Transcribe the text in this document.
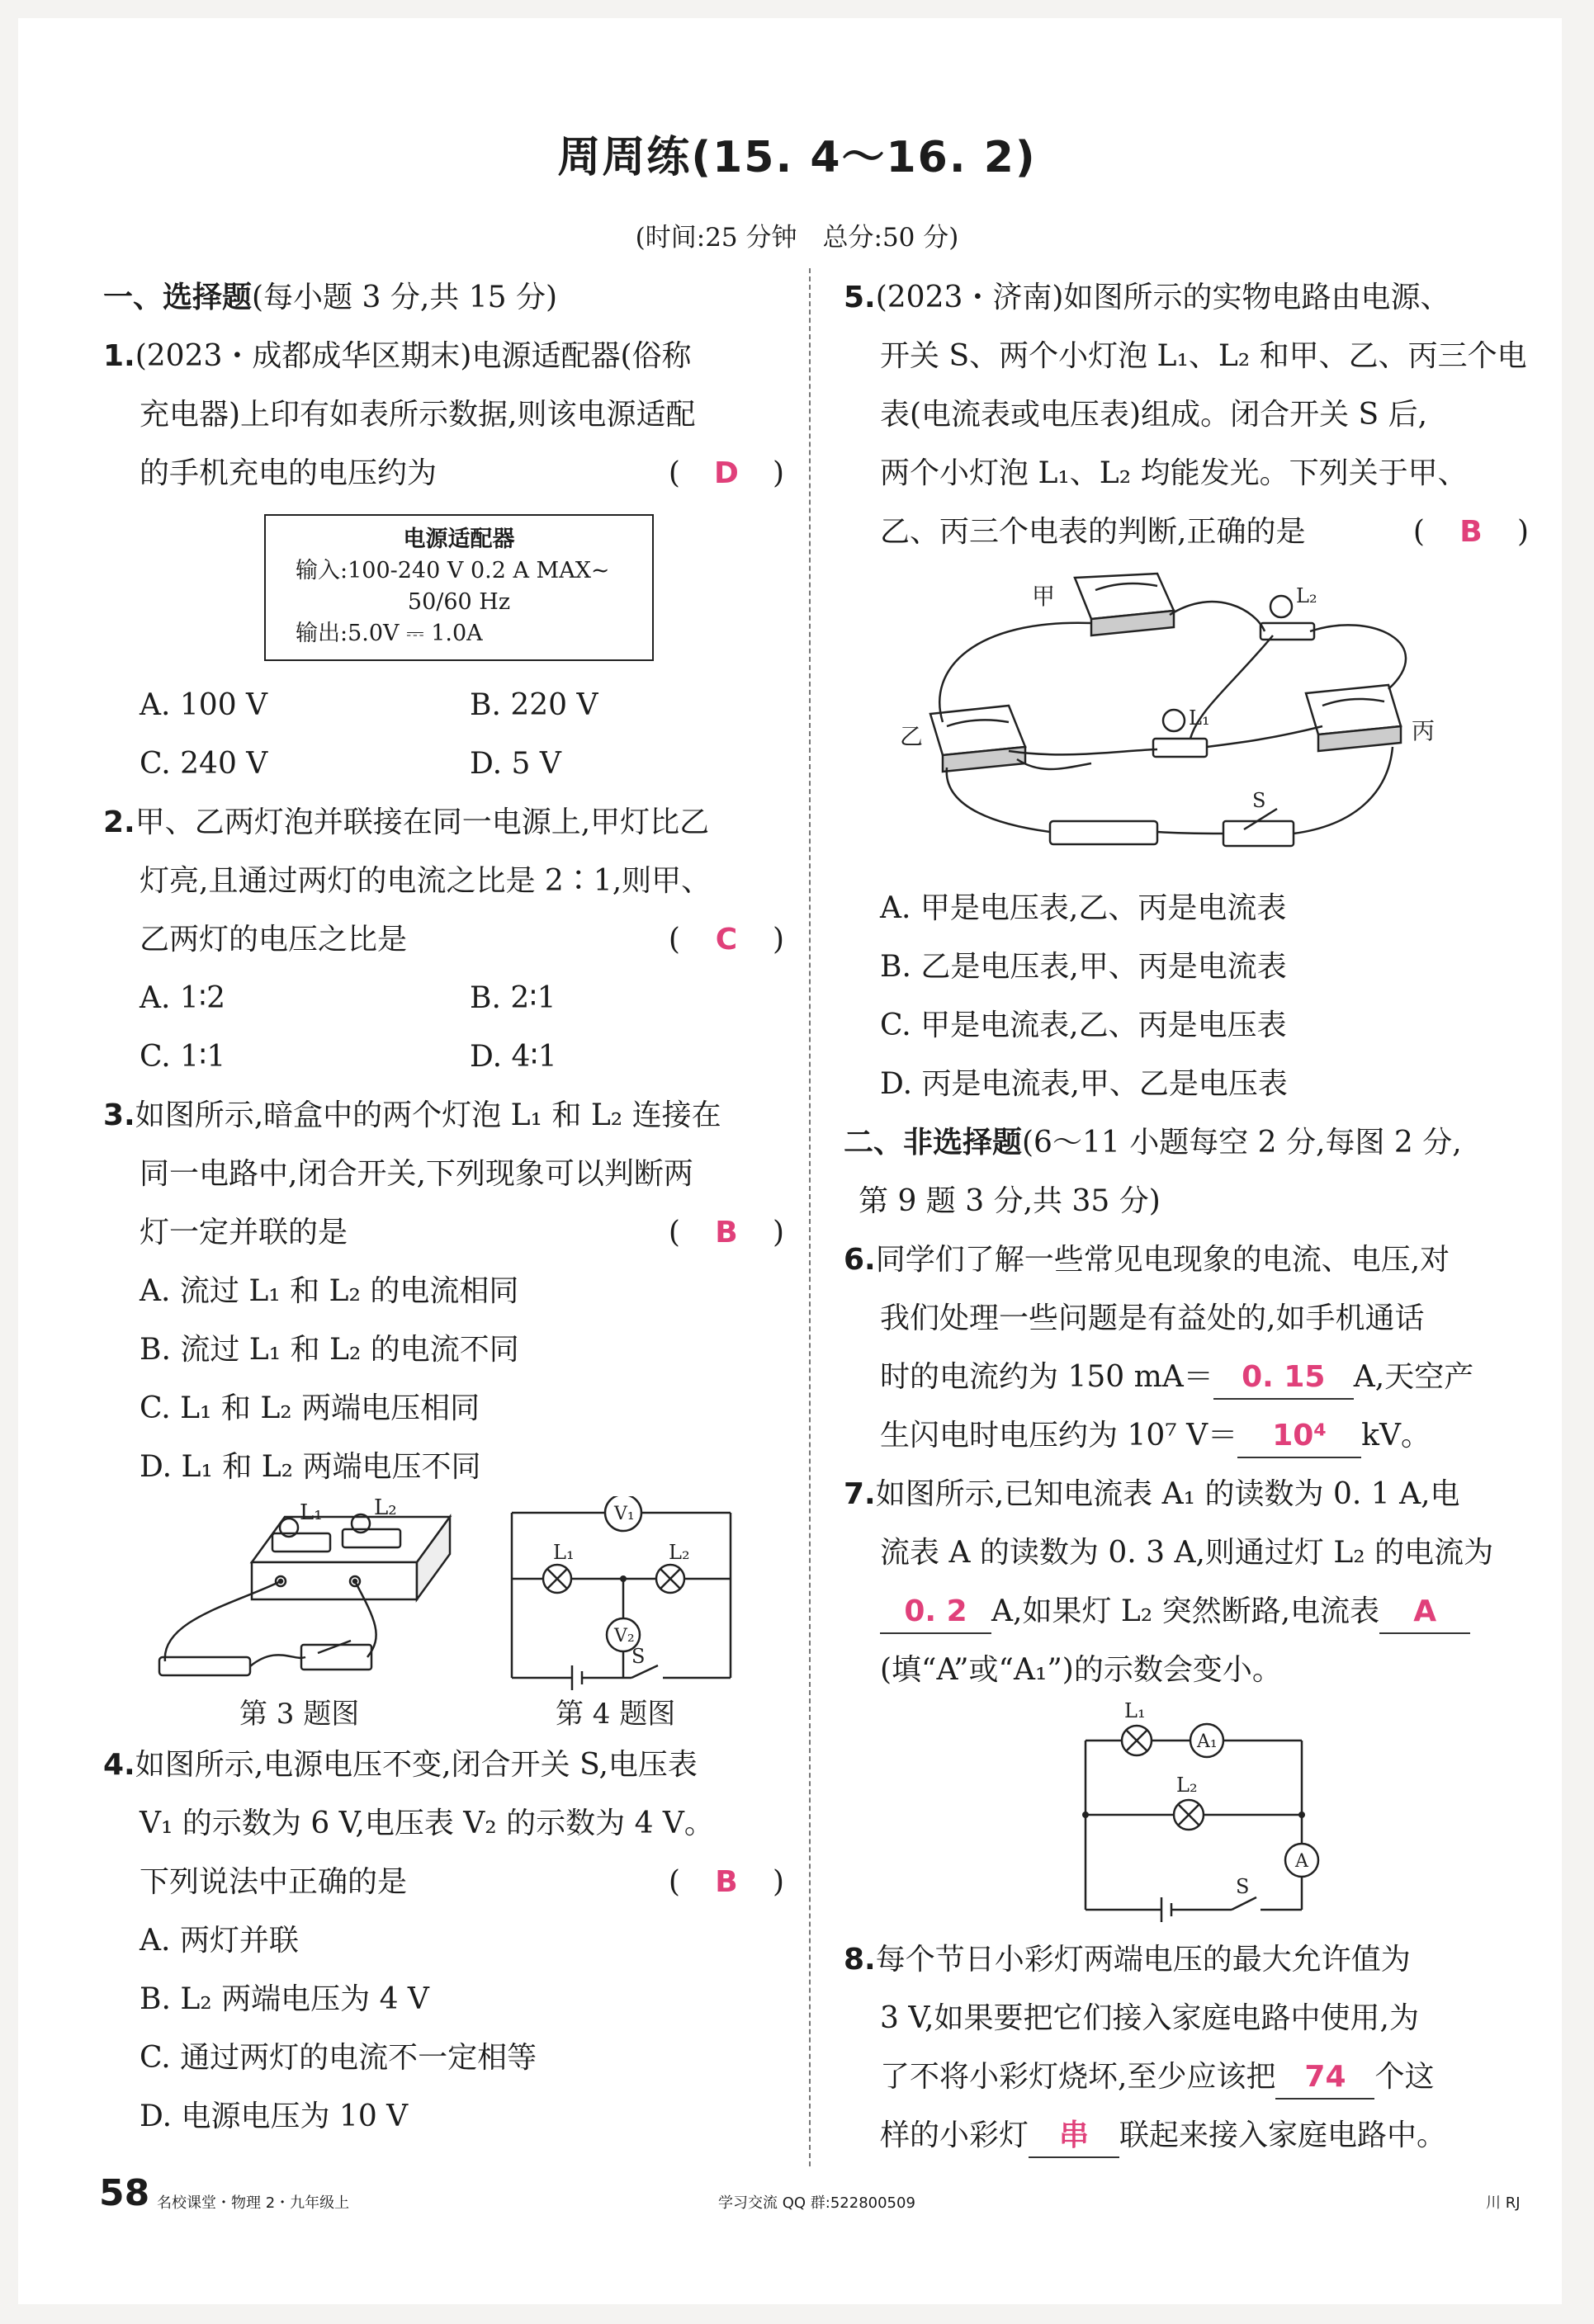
周周练(15. 4～16. 2)
(时间:25 分钟　总分:50 分)
一、选择题(每小题 3 分,共 15 分)
1.(2023・成都成华区期末)电源适配器(俗称
充电器)上印有如表所示数据,则该电源适配
的手机充电的电压约为	(　D　)
电源适配器
输入:100-240 V 0.2 A MAX~
50/60 Hz
输出:5.0V ⎓ 1.0A
A. 100 V	B. 220 V
C. 240 V	D. 5 V
2.甲、乙两灯泡并联接在同一电源上,甲灯比乙
灯亮,且通过两灯的电流之比是 2∶1,则甲、
乙两灯的电压之比是	(　C　)
A. 1∶2	B. 2∶1
C. 1∶1	D. 4∶1
3.如图所示,暗盒中的两个灯泡 L₁ 和 L₂ 连接在
同一电路中,闭合开关,下列现象可以判断两
灯一定并联的是	(　B　)
A. 流过 L₁ 和 L₂ 的电流相同
B. 流过 L₁ 和 L₂ 的电流不同
C. L₁ 和 L₂ 两端电压相同
D. L₁ 和 L₂ 两端电压不同
L₁ L₂
第 3 题图
V₁
V₂
L₁	L₂
S
第 4 题图
4.如图所示,电源电压不变,闭合开关 S,电压表
V₁ 的示数为 6 V,电压表 V₂ 的示数为 4 V。
下列说法中正确的是	(　B　)
A. 两灯并联
B. L₂ 两端电压为 4 V
C. 通过两灯的电流不一定相等
D. 电源电压为 10 V
5.(2023・济南)如图所示的实物电路由电源、
开关 S、两个小灯泡 L₁、L₂ 和甲、乙、丙三个电
表(电流表或电压表)组成。闭合开关 S 后,
两个小灯泡 L₁、L₂ 均能发光。下列关于甲、
乙、丙三个电表的判断,正确的是	(　B　)
甲
乙	丙
L₂
L₁
S
A. 甲是电压表,乙、丙是电流表
B. 乙是电压表,甲、丙是电流表
C. 甲是电流表,乙、丙是电压表
D. 丙是电流表,甲、乙是电压表
二、非选择题(6～11 小题每空 2 分,每图 2 分,
第 9 题 3 分,共 35 分)
6.同学们了解一些常见电现象的电流、电压,对
我们处理一些问题是有益处的,如手机通话
时的电流约为 150 mA＝ 0. 15 A,天空产
生闪电时电压约为 10⁷ V＝ 10⁴ kV。
7.如图所示,已知电流表 A₁ 的读数为 0. 1 A,电
流表 A 的读数为 0. 3 A,则通过灯 L₂ 的电流为
0. 2 A,如果灯 L₂ 突然断路,电流表 A
(填“A”或“A₁”)的示数会变小。
L₁
L₂
A₁
A
S
8.每个节日小彩灯两端电压的最大允许值为
3 V,如果要把它们接入家庭电路中使用,为
了不将小彩灯烧坏,至少应该把 74 个这
样的小彩灯 串 联起来接入家庭电路中。
58 名校课堂・物理 2・九年级上	学习交流 QQ 群:522800509	川 RJ
